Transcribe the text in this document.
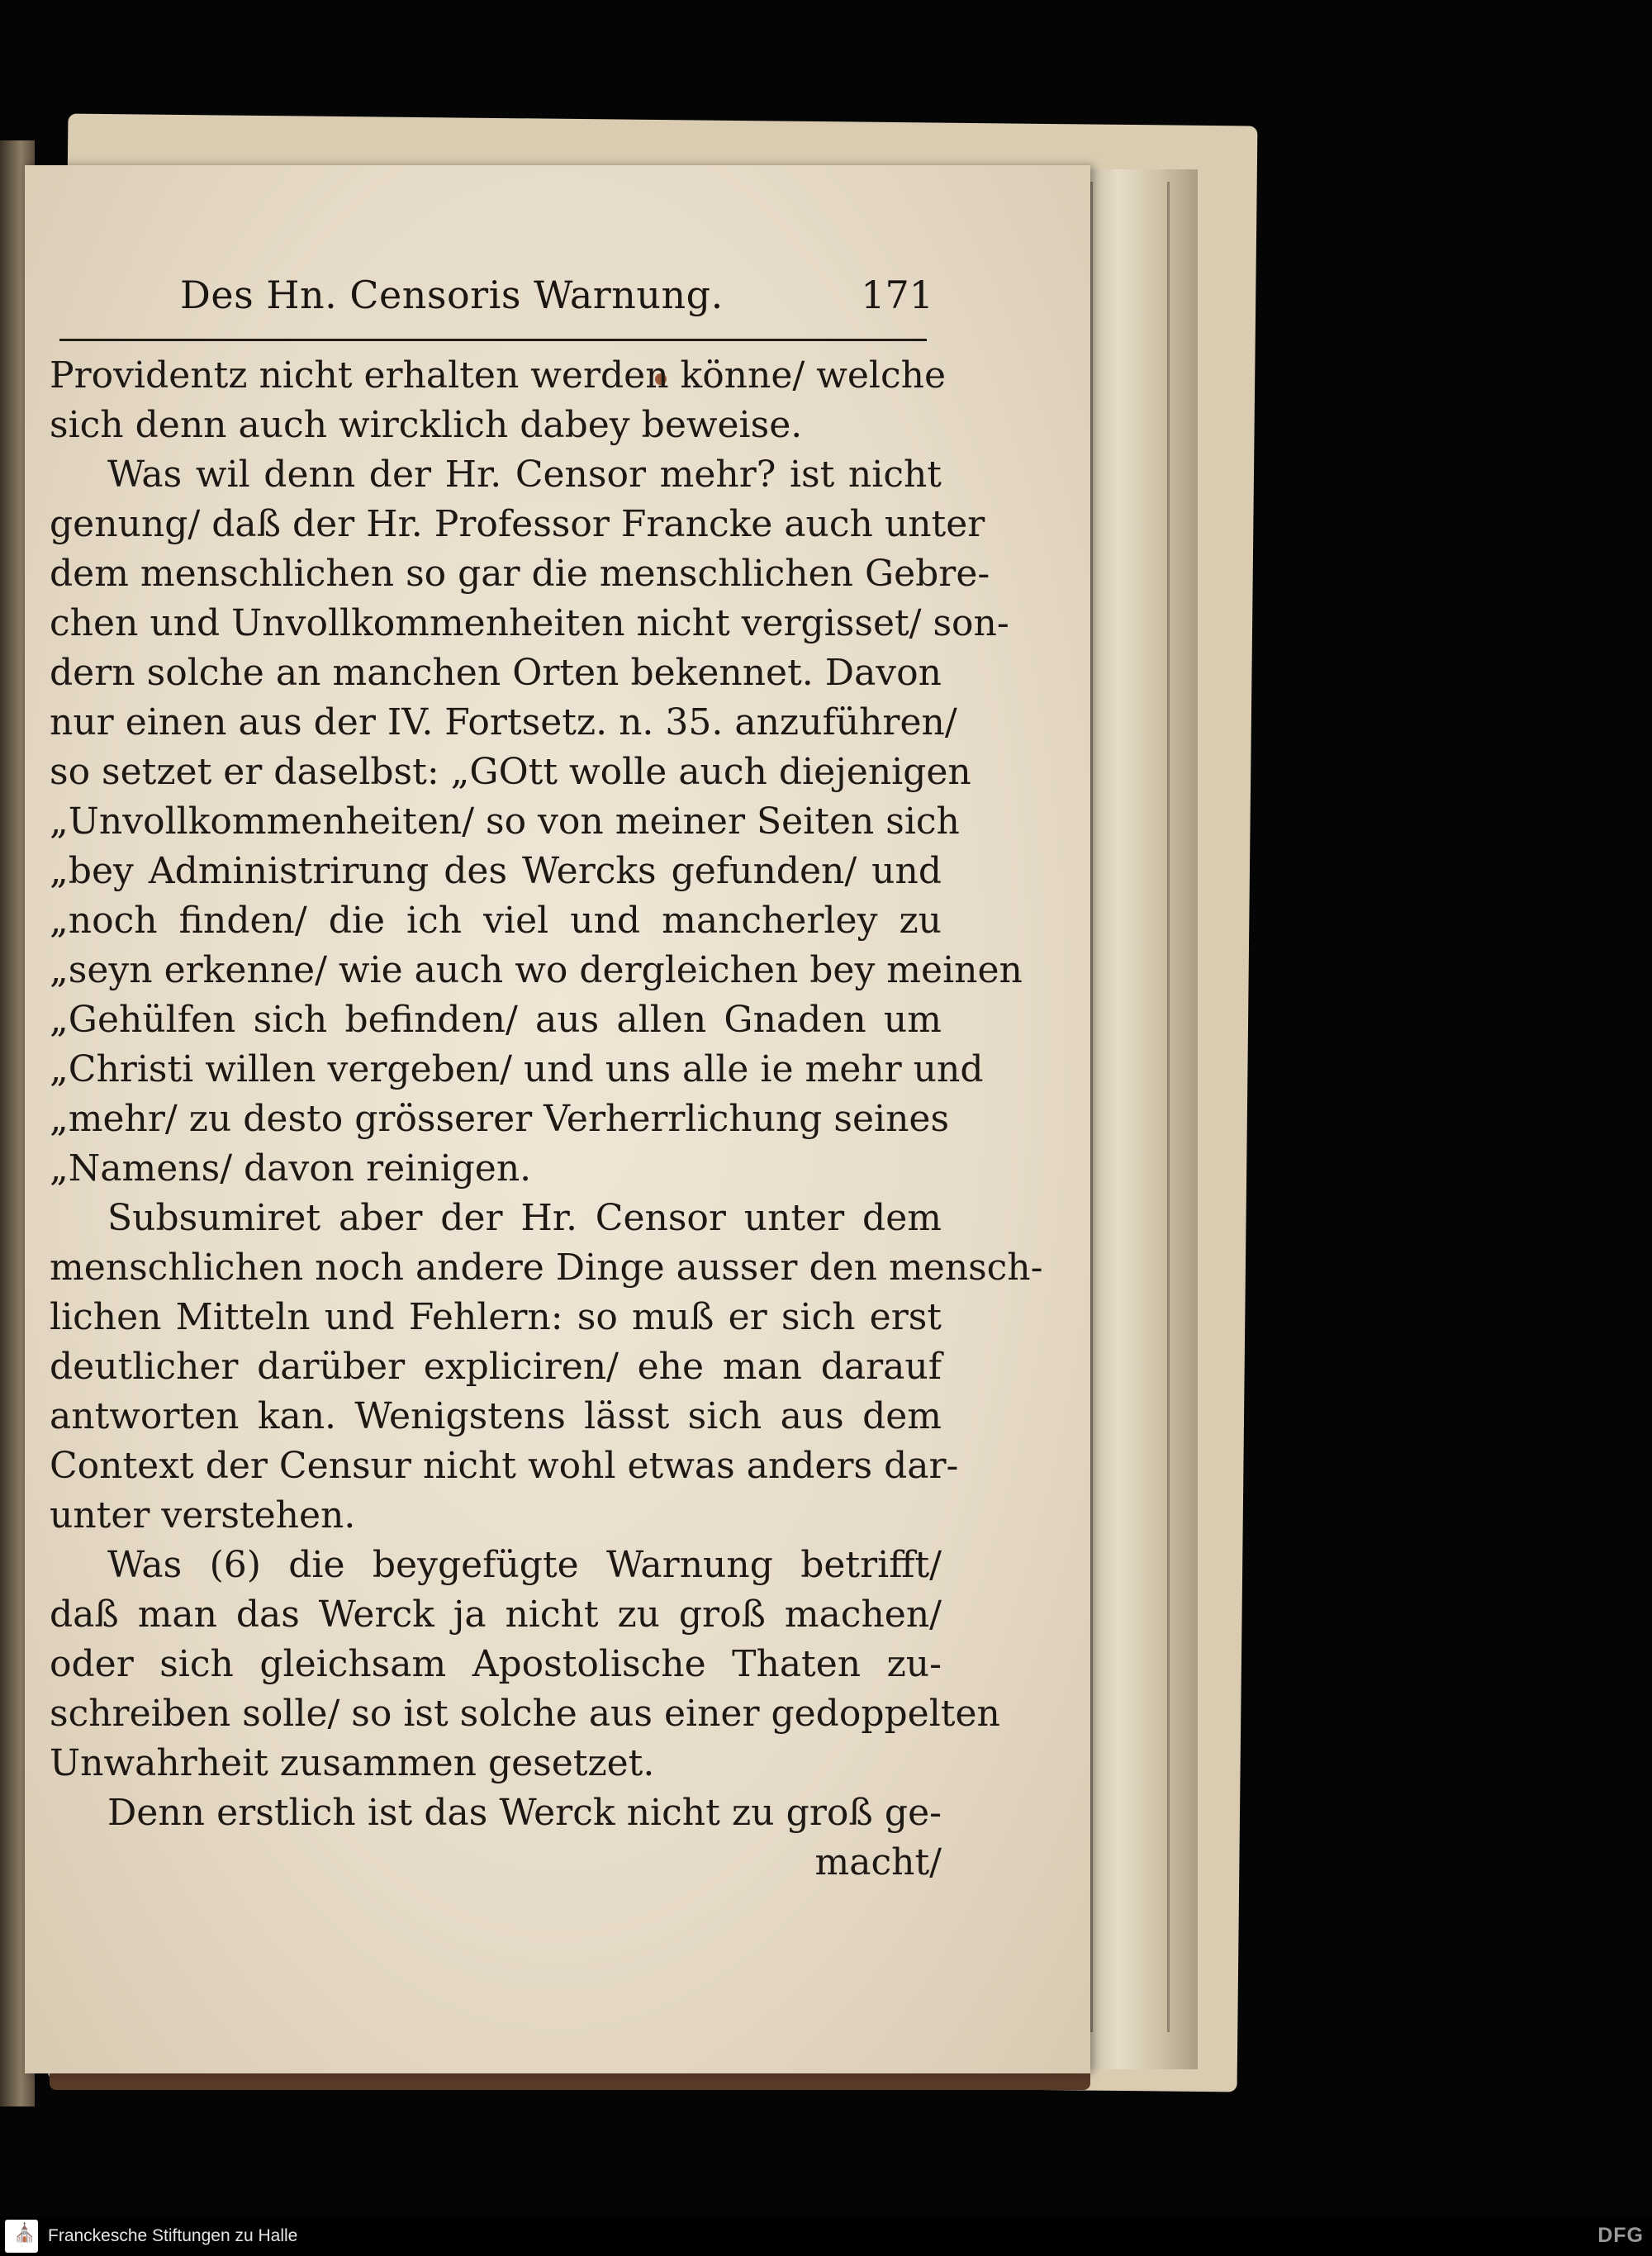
Des Hn. Censoris Warnung.	171
Providentz nicht erhalten werden könne/ welche
sich denn auch wircklich dabey beweise.
Was wil denn der Hr. Censor mehr? ist nicht
genung/ daß der Hr. Professor Francke auch unter
dem menschlichen so gar die menschlichen Gebre-
chen und Unvollkommenheiten nicht vergisset/ son-
dern solche an manchen Orten bekennet. Davon
nur einen aus der IV. Fortsetz. n. 35. anzuführen/
so setzet er daselbst: „GOtt wolle auch diejenigen
„Unvollkommenheiten/ so von meiner Seiten sich
„bey Administrirung des Wercks gefunden/ und
„noch finden/ die ich viel und mancherley zu
„seyn erkenne/ wie auch wo dergleichen bey meinen
„Gehülfen sich befinden/ aus allen Gnaden um
„Christi willen vergeben/ und uns alle ie mehr und
„mehr/ zu desto grösserer Verherrlichung seines
„Namens/ davon reinigen.
Subsumiret aber der Hr. Censor unter dem
menschlichen noch andere Dinge ausser den mensch-
lichen Mitteln und Fehlern: so muß er sich erst
deutlicher darüber expliciren/ ehe man darauf
antworten kan. Wenigstens lässt sich aus dem
Context der Censur nicht wohl etwas anders dar-
unter verstehen.
Was (6) die beygefügte Warnung betrifft/
daß man das Werck ja nicht zu groß machen/
oder sich gleichsam Apostolische Thaten zu-
schreiben solle/ so ist solche aus einer gedoppelten
Unwahrheit zusammen gesetzet.
Denn erstlich ist das Werck nicht zu groß ge-
macht/
⛪ Franckesche Stiftungen zu Halle	DFG
